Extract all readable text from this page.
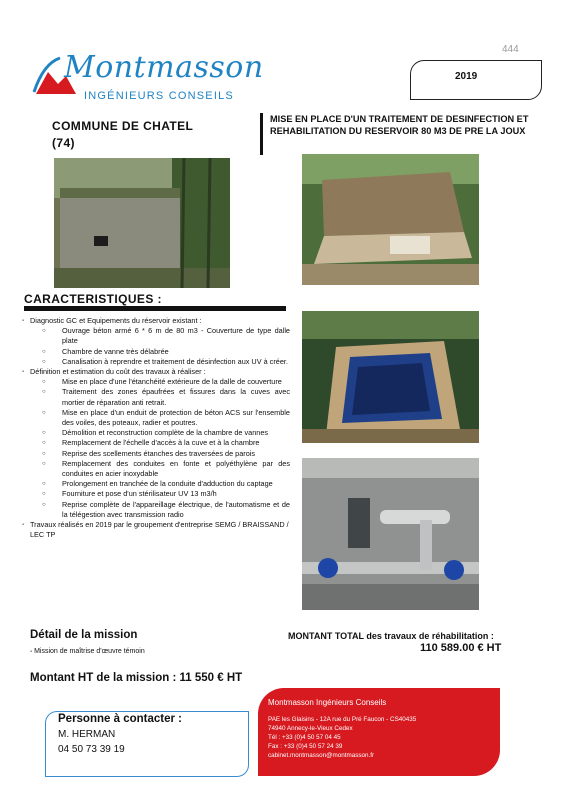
444
Montmasson
INGÉNIEURS CONSEILS
2019
COMMUNE DE CHATEL
(74)
MISE EN PLACE D'UN TRAITEMENT DE DESINFECTION ET REHABILITATION DU RESERVOIR 80 M3 DE PRE LA JOUX
CARACTERISTIQUES :
▪ Diagnostic GC et Equipements du réservoir existant :
○ Ouvrage béton armé 6 * 6 m de 80 m3 - Couverture de type dalle plate
○ Chambre de vanne très délabrée
○ Canalisation à reprendre et traitement de désinfection aux UV à créer.
▪ Définition et estimation du coût des travaux à réaliser :
○ Mise en place d'une l'étanchéité extérieure de la dalle de couverture
○ Traitement des zones épaufrées et fissures dans la cuves avec mortier de réparation anti retrait.
○ Mise en place d'un enduit de protection de béton ACS sur l'ensemble des voiles, des poteaux, radier et poutres.
○ Démolition et reconstruction complète de la chambre de vannes
○ Remplacement de l'échelle d'accès à la cuve et à la chambre
○ Reprise des scellements étanches des traversées de parois
○ Remplacement des conduites en fonte et polyéthylène par des conduites en acier inoxydable
○ Prolongement en tranchée de la conduite d'adduction du captage
○ Fourniture et pose d'un stérilisateur UV 13 m3/h
○ Reprise complète de l'appareillage électrique, de l'automatisme et de la télégestion avec transmission radio
▪ Travaux réalisés en 2019 par le groupement d'entreprise SEMG / BRAISSAND / LEC TP
Détail de la mission
▪ Mission de maîtrise d'œuvre témoin
MONTANT TOTAL des travaux de réhabilitation :
110 589.00 € HT
Montant HT de la mission : 11 550 € HT
Personne à contacter :
M. HERMAN
04 50 73 39 19
Montmasson Ingénieurs Conseils
PAE les Glaisins - 12A rue du Pré Faucon - CS40435
74940 Annecy-le-Vieux Cedex
Tél : +33 (0)4 50 57 04 45
Fax : +33 (0)4 50 57 24 39
cabinet.montmasson@montmasson.fr
